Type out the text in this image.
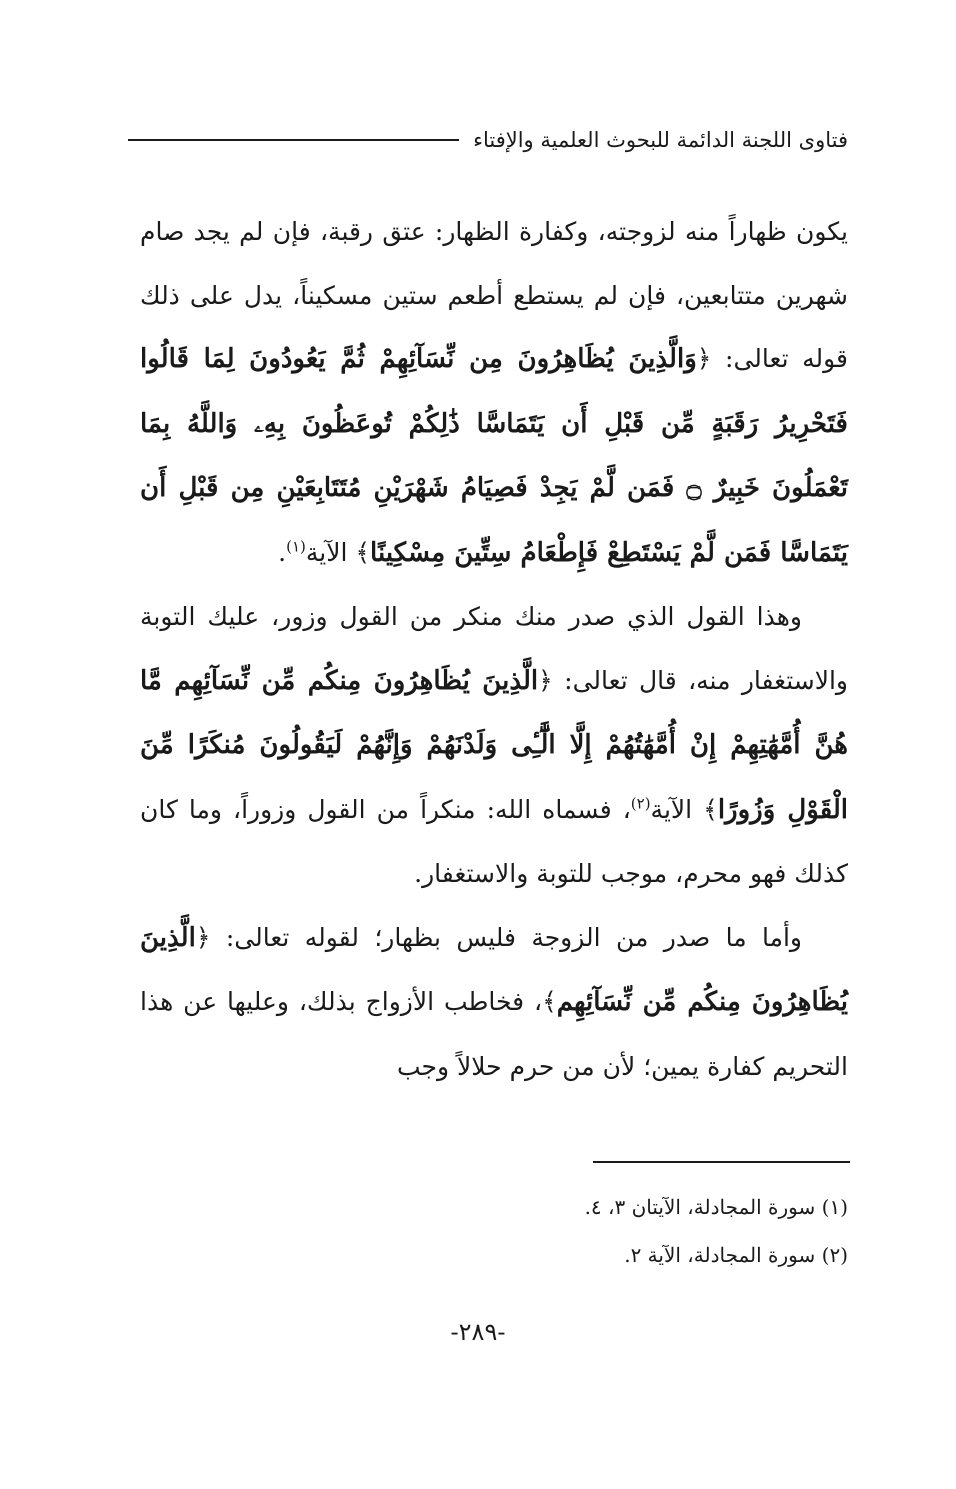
فتاوى اللجنة الدائمة للبحوث العلمية والإفتاء

يكون ظهاراً منه لزوجته، وكفارة الظهار: عتق رقبة، فإن لم يجد صام شهرين متتابعين، فإن لم يستطع أطعم ستين مسكيناً، يدل على ذلك قوله تعالى: ﴿وَالَّذِينَ يُظَاهِرُونَ مِن نِّسَآئِهِمْ ثُمَّ يَعُودُونَ لِمَا قَالُوا فَتَحْرِيرُ رَقَبَةٍ مِّن قَبْلِ أَن يَتَمَاسَّا ذَٰلِكُمْ تُوعَظُونَ بِهِۦ وَاللَّهُ بِمَا تَعْمَلُونَ خَبِيرٌ ۝ فَمَن لَّمْ يَجِدْ فَصِيَامُ شَهْرَيْنِ مُتَتَابِعَيْنِ مِن قَبْلِ أَن يَتَمَاسَّا فَمَن لَّمْ يَسْتَطِعْ فَإِطْعَامُ سِتِّينَ مِسْكِينًا﴾ الآية$^{(١)}$.

وهذا القول الذي صدر منك منكر من القول وزور، عليك التوبة والاستغفار منه، قال تعالى: ﴿الَّذِينَ يُظَاهِرُونَ مِنكُم مِّن نِّسَآئِهِم مَّا هُنَّ أُمَّهَٰتِهِمْ إِنْ أُمَّهَٰتُهُمْ إِلَّا الَّٰٓـِٔى وَلَدْنَهُمْ وَإِنَّهُمْ لَيَقُولُونَ مُنكَرًا مِّنَ الْقَوْلِ وَزُورًا﴾ الآية$^{(٢)}$، فسماه الله: منكراً من القول وزوراً، وما كان كذلك فهو محرم، موجب للتوبة والاستغفار.

وأما ما صدر من الزوجة فليس بظهار؛ لقوله تعالى: ﴿الَّذِينَ يُظَاهِرُونَ مِنكُم مِّن نِّسَآئِهِم﴾، فخاطب الأزواج بذلك، وعليها عن هذا التحريم كفارة يمين؛ لأن من حرم حلالاً وجب

(١) سورة المجادلة، الآيتان ٣، ٤.
(٢) سورة المجادلة، الآية ٢.
-٢٨٩-
